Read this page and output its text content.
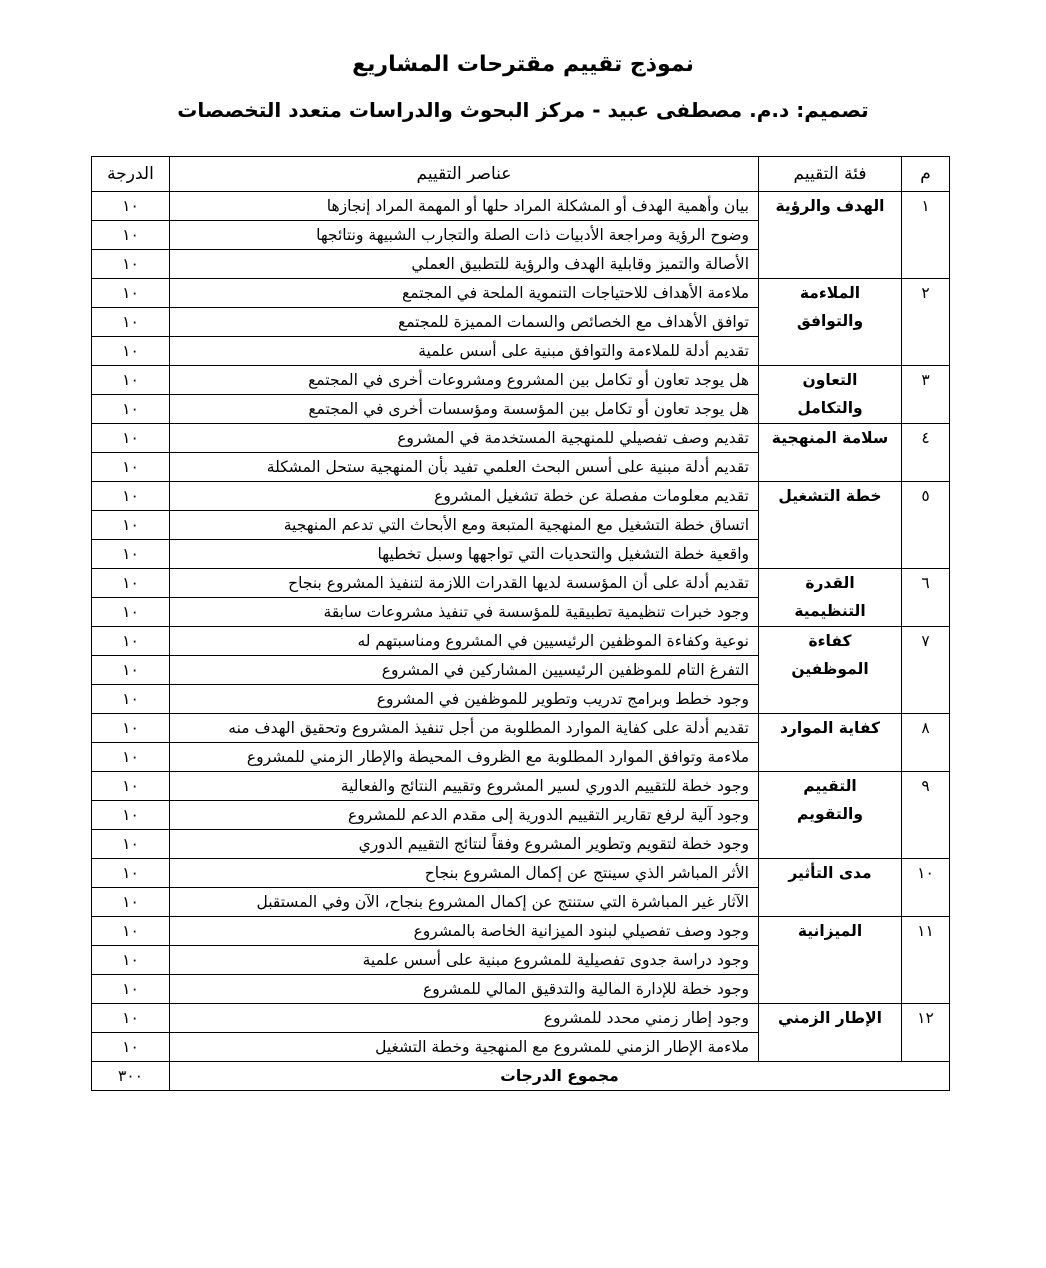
نموذج تقييم مقترحات المشاريع
تصميم: د.م. مصطفى عبيد - مركز البحوث والدراسات متعدد التخصصات
م	فئة التقييم	عناصر التقييم	الدرجة
١	الهدف والرؤية	بيان وأهمية الهدف أو المشكلة المراد حلها أو المهمة المراد إنجازها	١٠
		وضوح الرؤية ومراجعة الأدبيات ذات الصلة والتجارب الشبيهة ونتائجها	١٠
		الأصالة والتميز وقابلية الهدف والرؤية للتطبيق العملي	١٠
٢	الملاءمة والتوافق	ملاءمة الأهداف للاحتياجات التنموية الملحة في المجتمع	١٠
		توافق الأهداف مع الخصائص والسمات المميزة للمجتمع	١٠
		تقديم أدلة للملاءمة والتوافق مبنية على أسس علمية	١٠
٣	التعاون والتكامل	هل يوجد تعاون أو تكامل بين المشروع ومشروعات أخرى في المجتمع	١٠
		هل يوجد تعاون أو تكامل بين المؤسسة ومؤسسات أخرى في المجتمع	١٠
٤	سلامة المنهجية	تقديم وصف تفصيلي للمنهجية المستخدمة في المشروع	١٠
		تقديم أدلة مبنية على أسس البحث العلمي تفيد بأن المنهجية ستحل المشكلة	١٠
٥	خطة التشغيل	تقديم معلومات مفصلة عن خطة تشغيل المشروع	١٠
		اتساق خطة التشغيل مع المنهجية المتبعة ومع الأبحاث التي تدعم المنهجية	١٠
		واقعية خطة التشغيل والتحديات التي تواجهها وسبل تخطيها	١٠
٦	القدرة التنظيمية	تقديم أدلة على أن المؤسسة لديها القدرات اللازمة لتنفيذ المشروع بنجاح	١٠
		وجود خبرات تنظيمية تطبيقية للمؤسسة في تنفيذ مشروعات سابقة	١٠
٧	كفاءة الموظفين	نوعية وكفاءة الموظفين الرئيسيين في المشروع ومناسبتهم له	١٠
		التفرغ التام للموظفين الرئيسيين المشاركين في المشروع	١٠
		وجود خطط وبرامج تدريب وتطوير للموظفين في المشروع	١٠
٨	كفاية الموارد	تقديم أدلة على كفاية الموارد المطلوبة من أجل تنفيذ المشروع وتحقيق الهدف منه	١٠
		ملاءمة وتوافق الموارد المطلوبة مع الظروف المحيطة والإطار الزمني للمشروع	١٠
٩	التقييم والتقويم	وجود خطة للتقييم الدوري لسير المشروع وتقييم النتائج والفعالية	١٠
		وجود آلية لرفع تقارير التقييم الدورية إلى مقدم الدعم للمشروع	١٠
		وجود خطة لتقويم وتطوير المشروع وفقاً لنتائج التقييم الدوري	١٠
١٠	مدى التأثير	الأثر المباشر الذي سينتج عن إكمال المشروع بنجاح	١٠
		الآثار غير المباشرة التي ستنتج عن إكمال المشروع بنجاح، الآن وفي المستقبل	١٠
١١	الميزانية	وجود وصف تفصيلي لبنود الميزانية الخاصة بالمشروع	١٠
		وجود دراسة جدوى تفصيلية للمشروع مبنية على أسس علمية	١٠
		وجود خطة للإدارة المالية والتدقيق المالي للمشروع	١٠
١٢	الإطار الزمني	وجود إطار زمني محدد للمشروع	١٠
		ملاءمة الإطار الزمني للمشروع مع المنهجية وخطة التشغيل	١٠
مجموع الدرجات			٣٠٠
